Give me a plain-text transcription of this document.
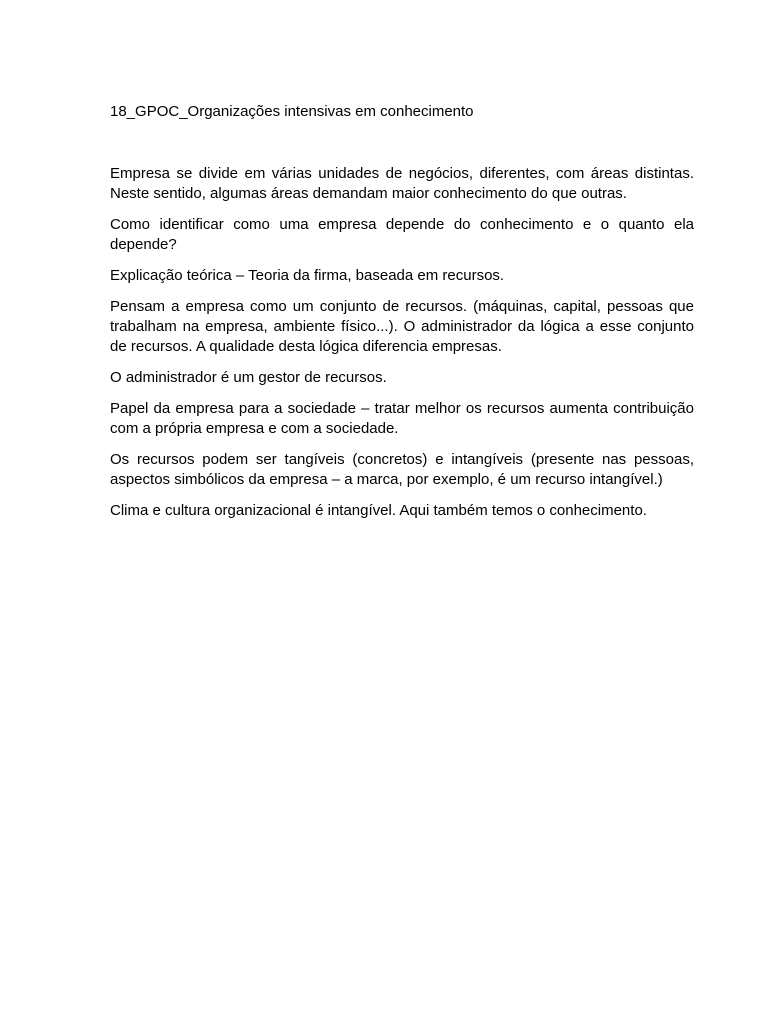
18_GPOC_Organizações intensivas em conhecimento

Empresa se divide em várias unidades de negócios, diferentes, com áreas distintas. Neste sentido, algumas áreas demandam maior conhecimento do que outras.

Como identificar como uma empresa depende do conhecimento e o quanto ela depende?

Explicação teórica – Teoria da firma, baseada em recursos.

Pensam a empresa como um conjunto de recursos. (máquinas, capital, pessoas que trabalham na empresa, ambiente físico...). O administrador da lógica a esse conjunto de recursos. A qualidade desta lógica diferencia empresas.

O administrador é um gestor de recursos.

Papel da empresa para a sociedade – tratar melhor os recursos aumenta contribuição com a própria empresa e com a sociedade.

Os recursos podem ser tangíveis (concretos) e intangíveis (presente nas pessoas, aspectos simbólicos da empresa – a marca, por exemplo, é um recurso intangível.)

Clima e cultura organizacional é intangível. Aqui também temos o conhecimento.
